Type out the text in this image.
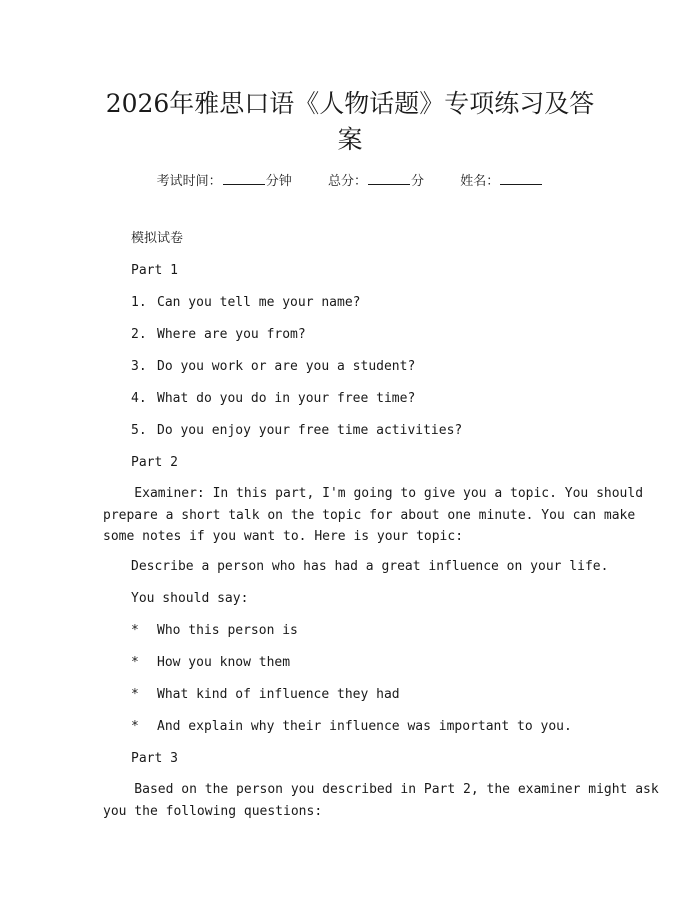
2026年雅思口语《人物话题》专项练习及答
案
考试时间：	分钟	总分：	分	姓名：
模拟试卷
Part 1
1. Can you tell me your name?
2. Where are you from?
3. Do you work or are you a student?
4. What do you do in your free time?
5. Do you enjoy your free time activities?
Part 2
Examiner: In this part, I'm going to give you a topic. You should
prepare a short talk on the topic for about one minute. You can make
some notes if you want to. Here is your topic:
Describe a person who has had a great influence on your life.
You should say:
* Who this person is
* How you know them
* What kind of influence they had
* And explain why their influence was important to you.
Part 3
Based on the person you described in Part 2, the examiner might ask
you the following questions:
